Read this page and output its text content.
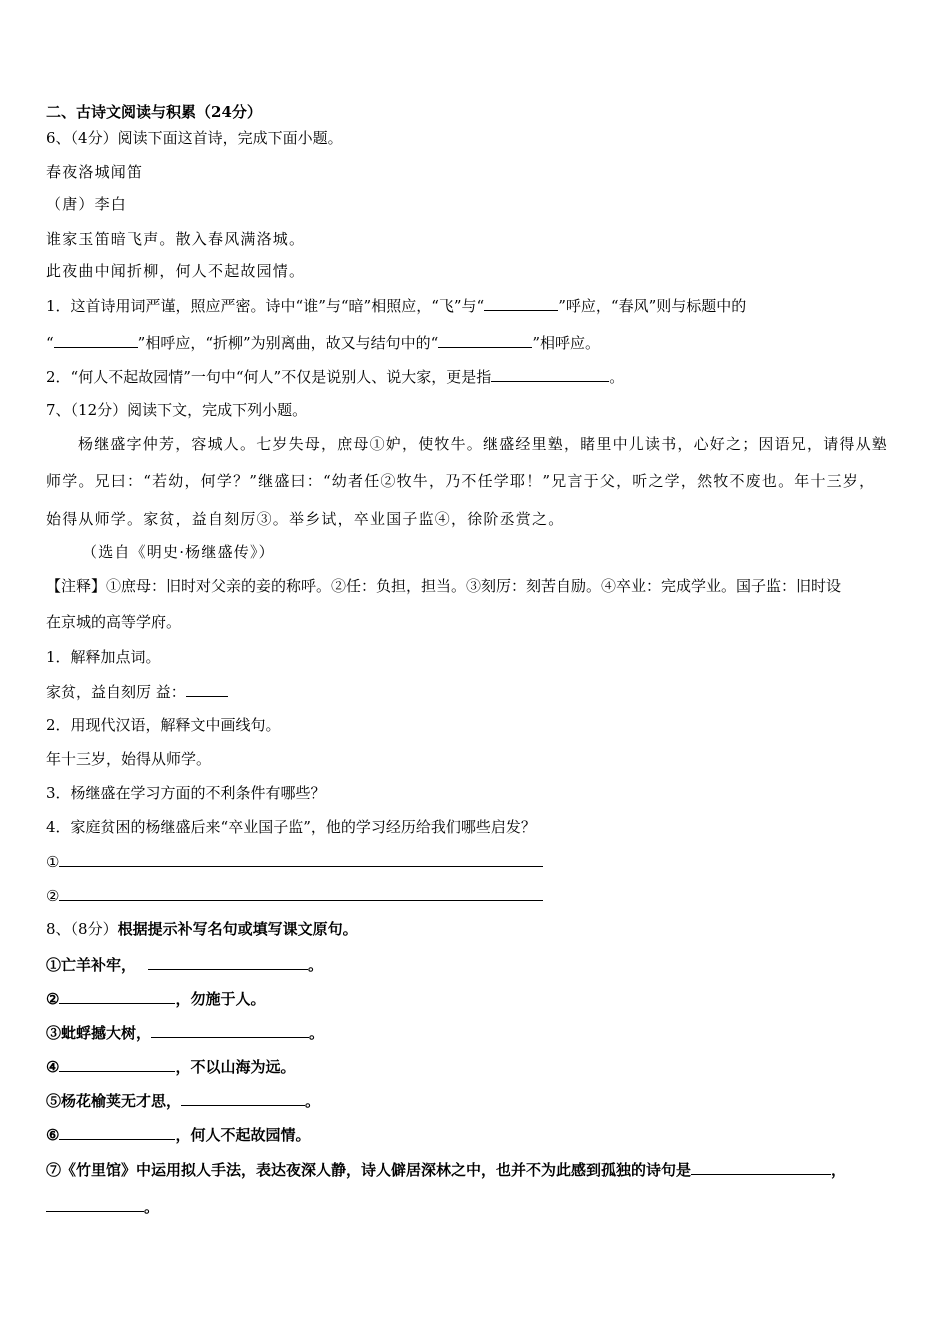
二、古诗文阅读与积累（24分）
6、（4分）阅读下面这首诗，完成下面小题。
春夜洛城闻笛
（唐）李白
谁家玉笛暗飞声。散入春风满洛城。
此夜曲中闻折柳，何人不起故园情。
1．这首诗用词严谨，照应严密。诗中“谁”与“暗”相照应，“飞”与“	”呼应，“春风”则与标题中的
“	”相呼应，“折柳”为别离曲，故又与结句中的“	”相呼应。
2．“何人不起故园情”一句中“何人”不仅是说别人、说大家，更是指	。
7、（12分）阅读下文，完成下列小题。
杨继盛字仲芳，容城人。七岁失母，庶母①妒，使牧牛。继盛经里塾，睹里中儿读书，心好之；因语兄，请得从塾
师学。兄曰：“若幼，何学？”继盛曰：“幼者任②牧牛，乃不任学耶！”兄言于父，听之学，然牧不废也。年十三岁，
始得从师学。家贫，益自刻厉③。举乡试，卒业国子监④，徐阶丞赏之。
（选自《明史·杨继盛传》）
【注释】①庶母：旧时对父亲的妾的称呼。②任：负担，担当。③刻厉：刻苦自励。④卒业：完成学业。国子监：旧时设
在京城的高等学府。
1．解释加点词。
家贫，益自刻厉 益：
2．用现代汉语，解释文中画线句。
年十三岁，始得从师学。
3．杨继盛在学习方面的不利条件有哪些？
4．家庭贫困的杨继盛后来“卒业国子监”，他的学习经历给我们哪些启发？
①
②
8、（8分）根据提示补写名句或填写课文原句。
①亡羊补牢，	。
②	，勿施于人。
③蚍蜉撼大树，	。
④	，不以山海为远。
⑤杨花榆荚无才思，	。
⑥	，何人不起故园情。
⑦《竹里馆》中运用拟人手法，表达夜深人静，诗人僻居深林之中，也并不为此感到孤独的诗句是	，
。
